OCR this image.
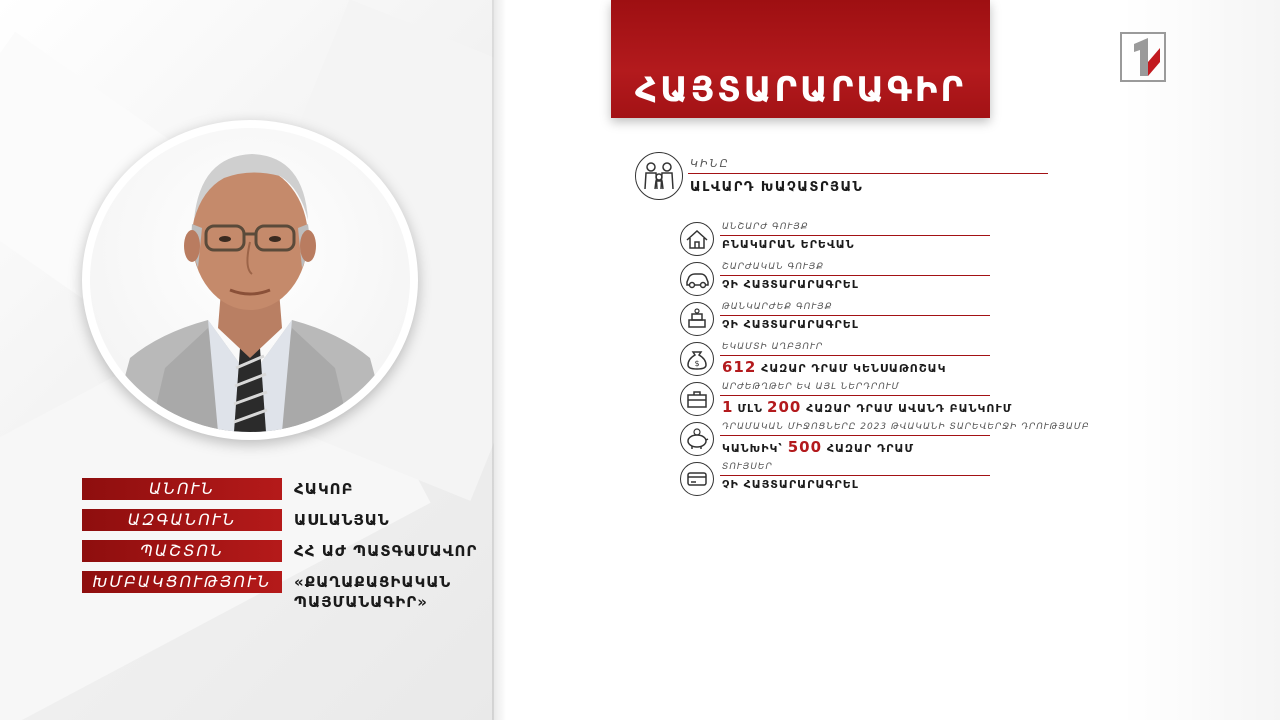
ԱՆՈՒՆ	ՀԱԿՈԲ
ԱԶԳԱՆՈՒՆ	ԱՍԼԱՆՅԱՆ
ՊԱՇՏՈՆ	ՀՀ ԱԺ ՊԱՏԳԱՄԱՎՈՐ
ԽՄԲԱԿՑՈՒԹՅՈՒՆ	«ՔԱՂԱՔԱՑԻԱԿԱՆ
ՊԱՅՄԱՆԱԳԻՐ»
ՀԱՅՏԱՐԱՐԱԳԻՐ
ԿԻՆԸ
ԱԼՎԱՐԴ ԽԱՉԱՏՐՅԱՆ
ԱՆՇԱՐԺ ԳՈՒՅՔ
ԲՆԱԿԱՐԱՆ ԵՐԵՎԱՆ
ՇԱՐԺԱԿԱՆ ԳՈՒՅՔ
ՉԻ ՀԱՅՏԱՐԱՐԱԳՐԵԼ
ԹԱՆԿԱՐԺԵՔ ԳՈՒՅՔ
ՉԻ ՀԱՅՏԱՐԱՐԱԳՐԵԼ
$
ԵԿԱՄՏԻ ԱՂԲՅՈՒՐ
612 ՀԱԶԱՐ ԴՐԱՄ ԿԵՆՍԱԹՈՇԱԿ
ԱՐԺԵԹՂԹԵՐ ԵՎ ԱՅԼ ՆԵՐԴՐՈՒՄ
1 ՄԼՆ 200 ՀԱԶԱՐ ԴՐԱՄ ԱՎԱՆԴ ԲԱՆԿՈՒՄ
ԴՐԱՄԱԿԱՆ ՄԻՋՈՑՆԵՐԸ 2023 ԹՎԱԿԱՆԻ ՏԱՐԵՎԵՐՋԻ ԴՐՈՒԹՅԱՄԲ
ԿԱՆԽԻԿ՝ 500 ՀԱԶԱՐ ԴՐԱՄ
ՏՈՒՅՍԵՐ
ՉԻ ՀԱՅՏԱՐԱՐԱԳՐԵԼ
